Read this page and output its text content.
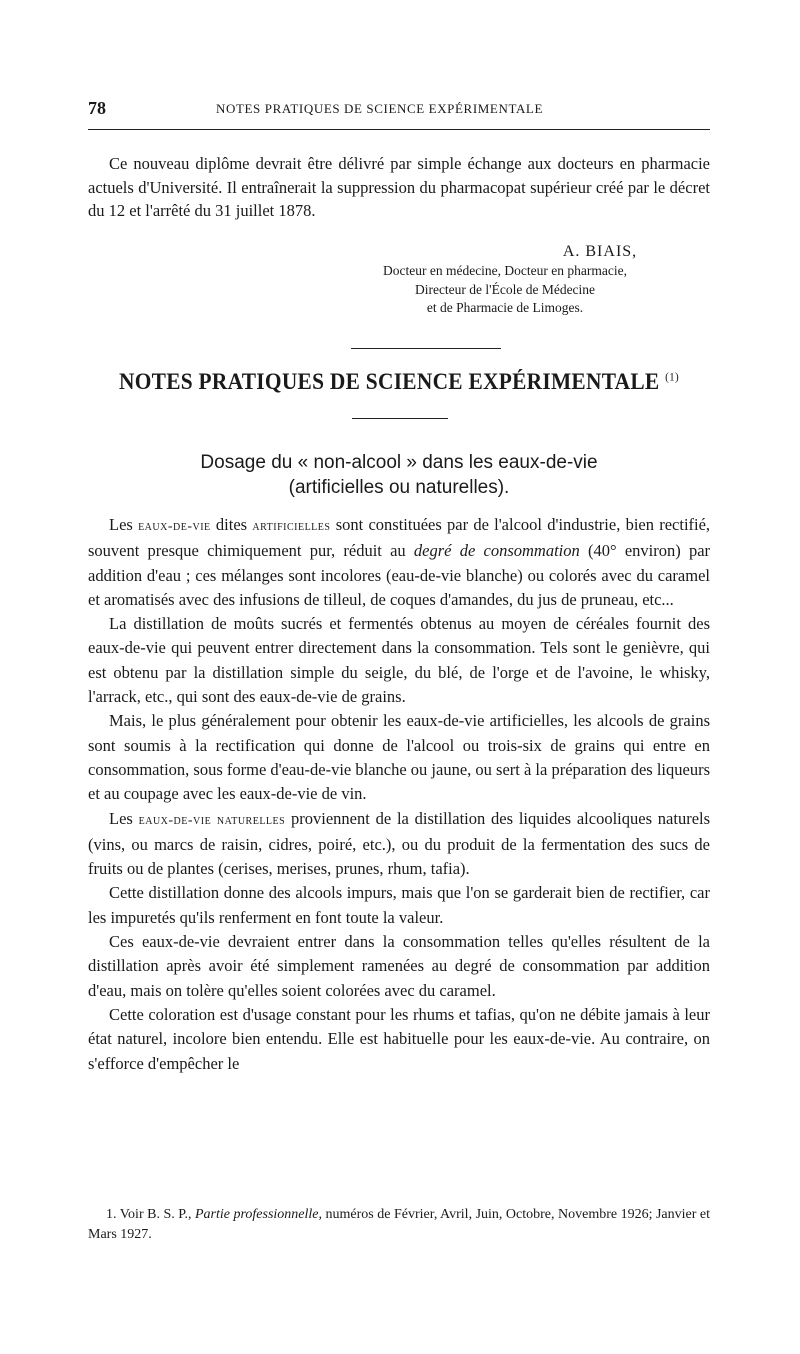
78	NOTES PRATIQUES DE SCIENCE EXPÉRIMENTALE

Ce nouveau diplôme devrait être délivré par simple échange aux docteurs en pharmacie actuels d'Université. Il entraînerait la suppression du pharmacopat supérieur créé par le décret du 12 et l'arrêté du 31 juillet 1878.

A. BIAIS,

Docteur en médecine, Docteur en pharmacie,

Directeur de l'École de Médecine

et de Pharmacie de Limoges.

NOTES PRATIQUES DE SCIENCE EXPÉRIMENTALE $^{(1)}$
Dosage du « non-alcool » dans les eaux-de-vie
(artificielles ou naturelles).

Les eaux-de-vie dites artificielles sont constituées par de l'alcool d'industrie, bien rectifié, souvent presque chimiquement pur, réduit au degré de consommation (40° environ) par addition d'eau ; ces mélanges sont incolores (eau-de-vie blanche) ou colorés avec du caramel et aromatisés avec des infusions de tilleul, de coques d'amandes, du jus de pruneau, etc...

La distillation de moûts sucrés et fermentés obtenus au moyen de céréales fournit des eaux-de-vie qui peuvent entrer directement dans la consommation. Tels sont le genièvre, qui est obtenu par la distillation simple du seigle, du blé, de l'orge et de l'avoine, le whisky, l'arrack, etc., qui sont des eaux-de-vie de grains.

Mais, le plus généralement pour obtenir les eaux-de-vie artificielles, les alcools de grains sont soumis à la rectification qui donne de l'alcool ou trois-six de grains qui entre en consommation, sous forme d'eau-de-vie blanche ou jaune, ou sert à la préparation des liqueurs et au coupage avec les eaux-de-vie de vin.

Les eaux-de-vie naturelles proviennent de la distillation des liquides alcooliques naturels (vins, ou marcs de raisin, cidres, poiré, etc.), ou du produit de la fermentation des sucs de fruits ou de plantes (cerises, merises, prunes, rhum, tafia).

Cette distillation donne des alcools impurs, mais que l'on se garderait bien de rectifier, car les impuretés qu'ils renferment en font toute la valeur.

Ces eaux-de-vie devraient entrer dans la consommation telles qu'elles résultent de la distillation après avoir été simplement ramenées au degré de consommation par addition d'eau, mais on tolère qu'elles soient colorées avec du caramel.

Cette coloration est d'usage constant pour les rhums et tafias, qu'on ne débite jamais à leur état naturel, incolore bien entendu. Elle est habituelle pour les eaux-de-vie. Au contraire, on s'efforce d'empêcher le

1. Voir B. S. P., Partie professionnelle, numéros de Février, Avril, Juin, Octobre, Novembre 1926; Janvier et Mars 1927.
